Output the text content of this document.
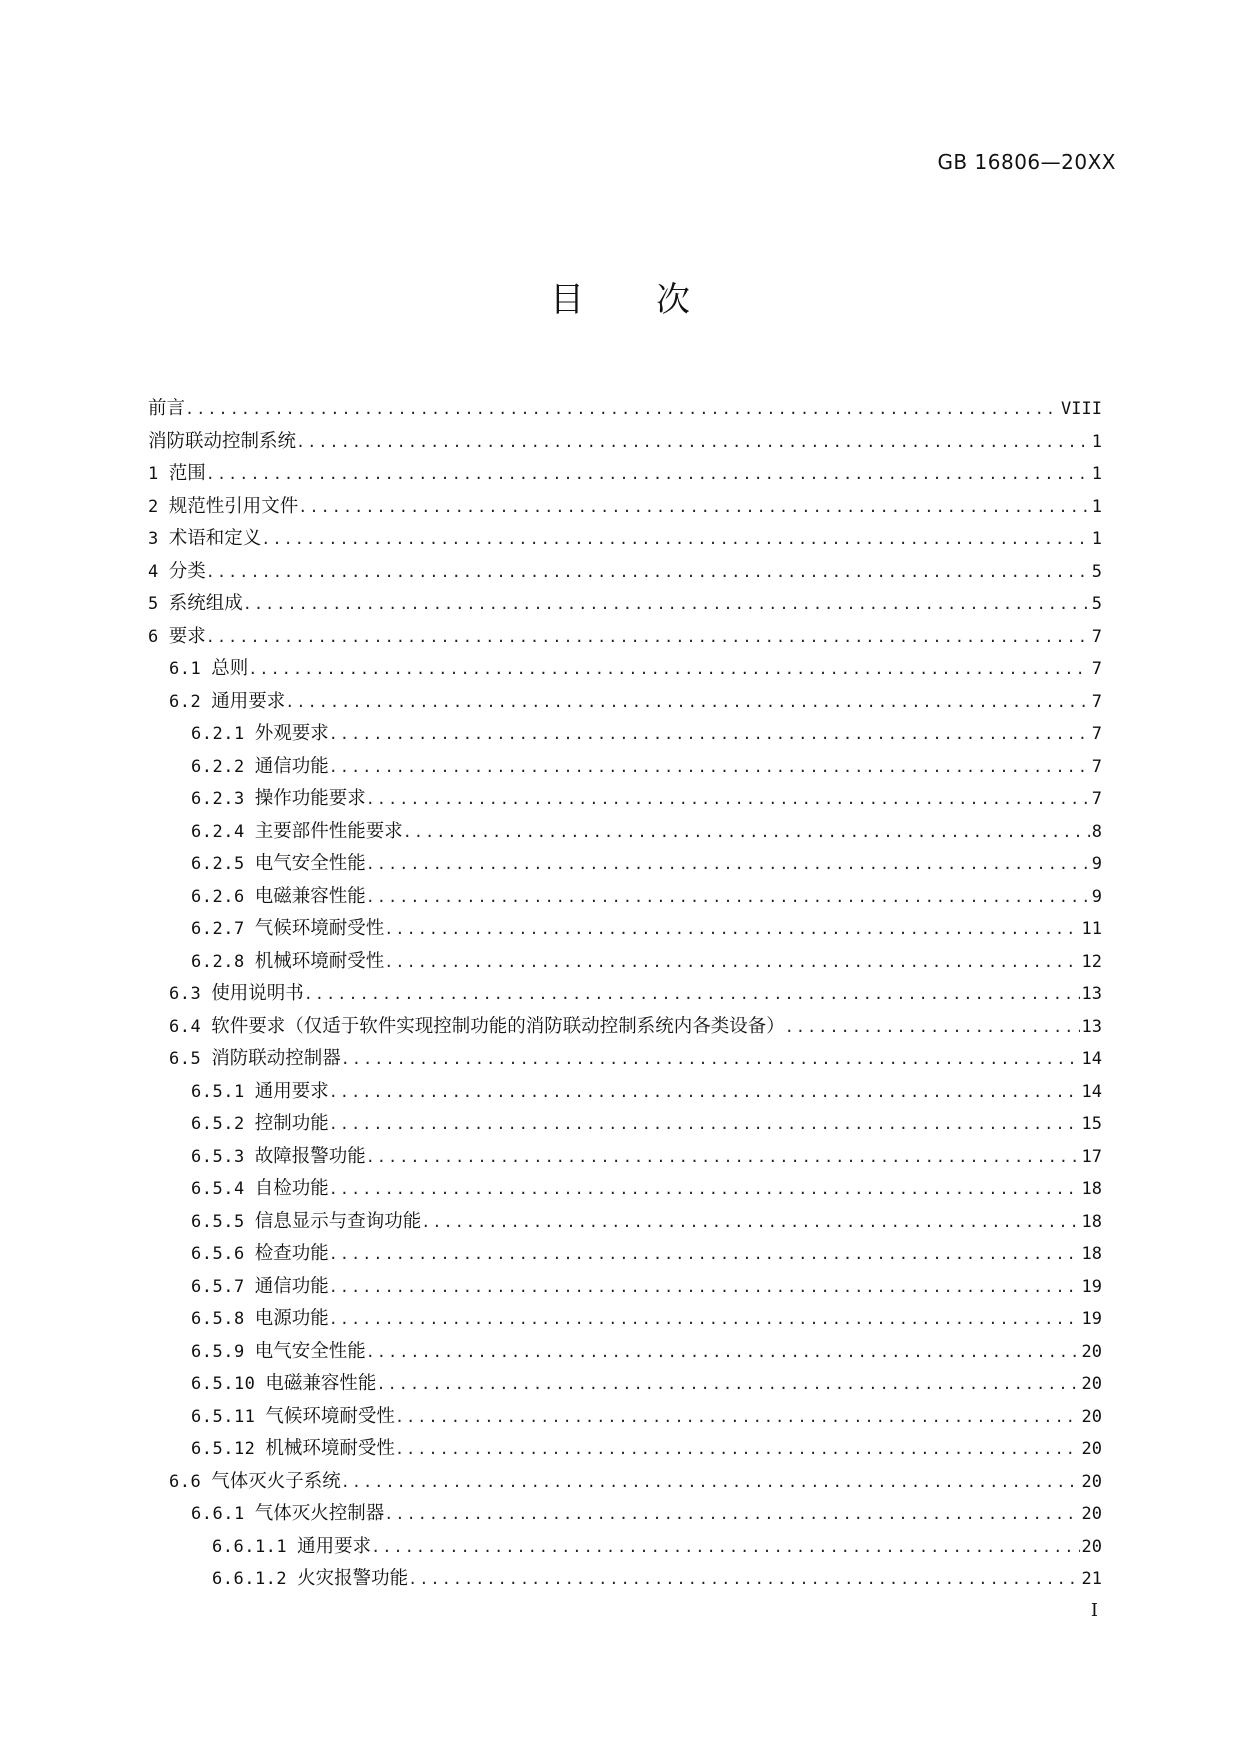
GB 16806—20XX
目 次
前言 .....	VIII
消防联动控制系统 .....	1
1 范围 .....	1
2 规范性引用文件 .....	1
3 术语和定义 .....	1
4 分类 .....	5
5 系统组成 .....	5
6 要求 .....	7
6.1 总则 .....	7
6.2 通用要求 .....	7
6.2.1 外观要求 .....	7
6.2.2 通信功能 .....	7
6.2.3 操作功能要求 .....	7
6.2.4 主要部件性能要求 .....	8
6.2.5 电气安全性能 .....	9
6.2.6 电磁兼容性能 .....	9
6.2.7 气候环境耐受性 .....	11
6.2.8 机械环境耐受性 .....	12
6.3 使用说明书 .....	13
6.4 软件要求（仅适于软件实现控制功能的消防联动控制系统内各类设备） .....	13
6.5 消防联动控制器 .....	14
6.5.1 通用要求 .....	14
6.5.2 控制功能 .....	15
6.5.3 故障报警功能 .....	17
6.5.4 自检功能 .....	18
6.5.5 信息显示与查询功能 .....	18
6.5.6 检查功能 .....	18
6.5.7 通信功能 .....	19
6.5.8 电源功能 .....	19
6.5.9 电气安全性能 .....	20
6.5.10 电磁兼容性能 .....	20
6.5.11 气候环境耐受性 .....	20
6.5.12 机械环境耐受性 .....	20
6.6 气体灭火子系统 .....	20
6.6.1 气体灭火控制器 .....	20
6.6.1.1 通用要求 .....	20
6.6.1.2 火灾报警功能 .....	21
I
